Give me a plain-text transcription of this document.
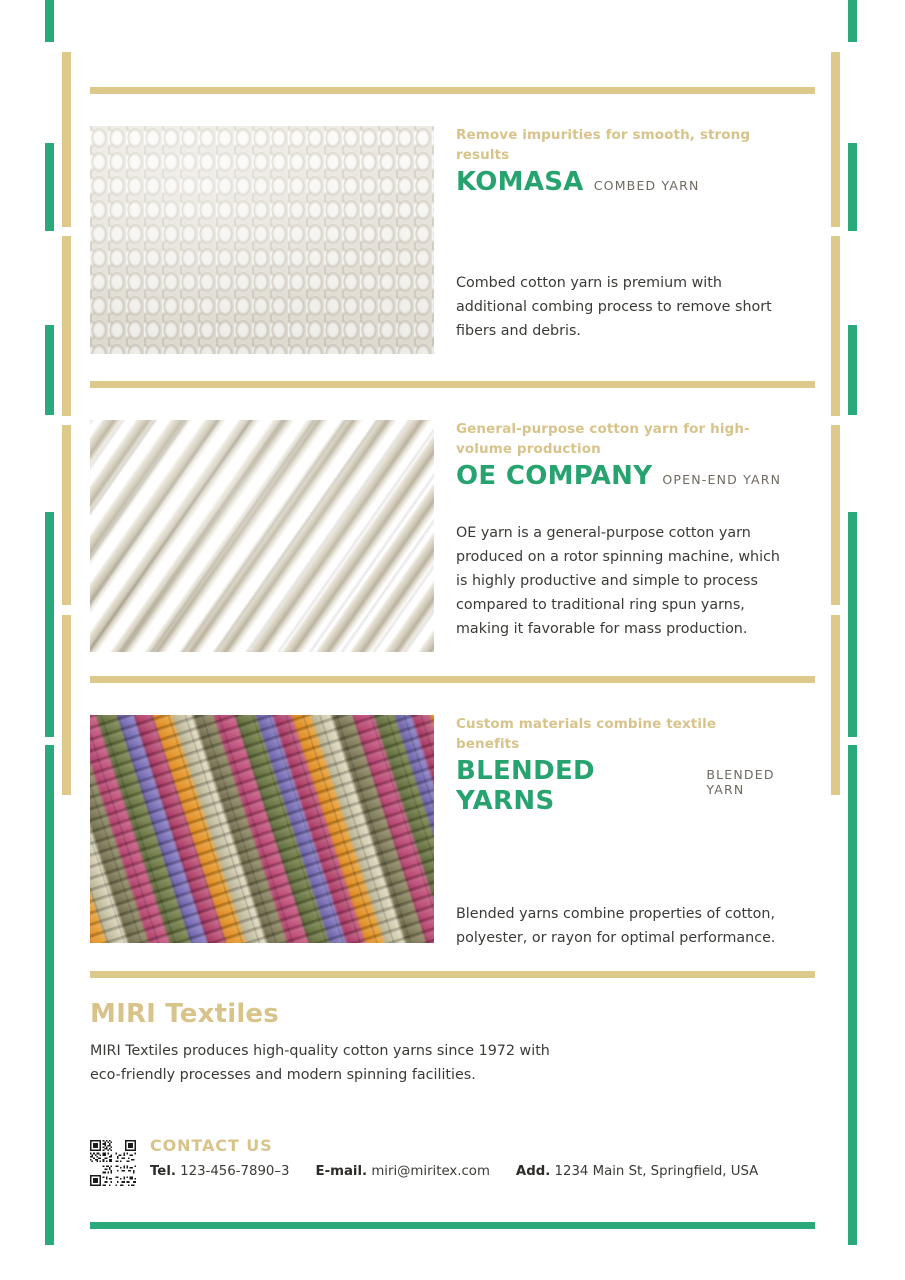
Remove impurities for smooth, strong results
KOMASA COMBED YARN
Combed cotton yarn is premium with additional combing process to remove short fibers and debris.
General-purpose cotton yarn for high-volume production
OE COMPANY OPEN-END YARN
OE yarn is a general-purpose cotton yarn produced on a rotor spinning machine, which is highly productive and simple to process compared to traditional ring spun yarns, making it favorable for mass production.
Custom materials combine textile benefits
BLENDED YARNS
BLENDED YARN
Blended yarns combine properties of cotton, polyester, or rayon for optimal performance.
MIRI Textiles
MIRI Textiles produces high-quality cotton yarns since 1972 with eco-friendly processes and modern spinning facilities.
CONTACT US
Tel. 123-456-7890–3 E-mail. miri@miritex.com Add. 1234 Main St, Springfield, USA
